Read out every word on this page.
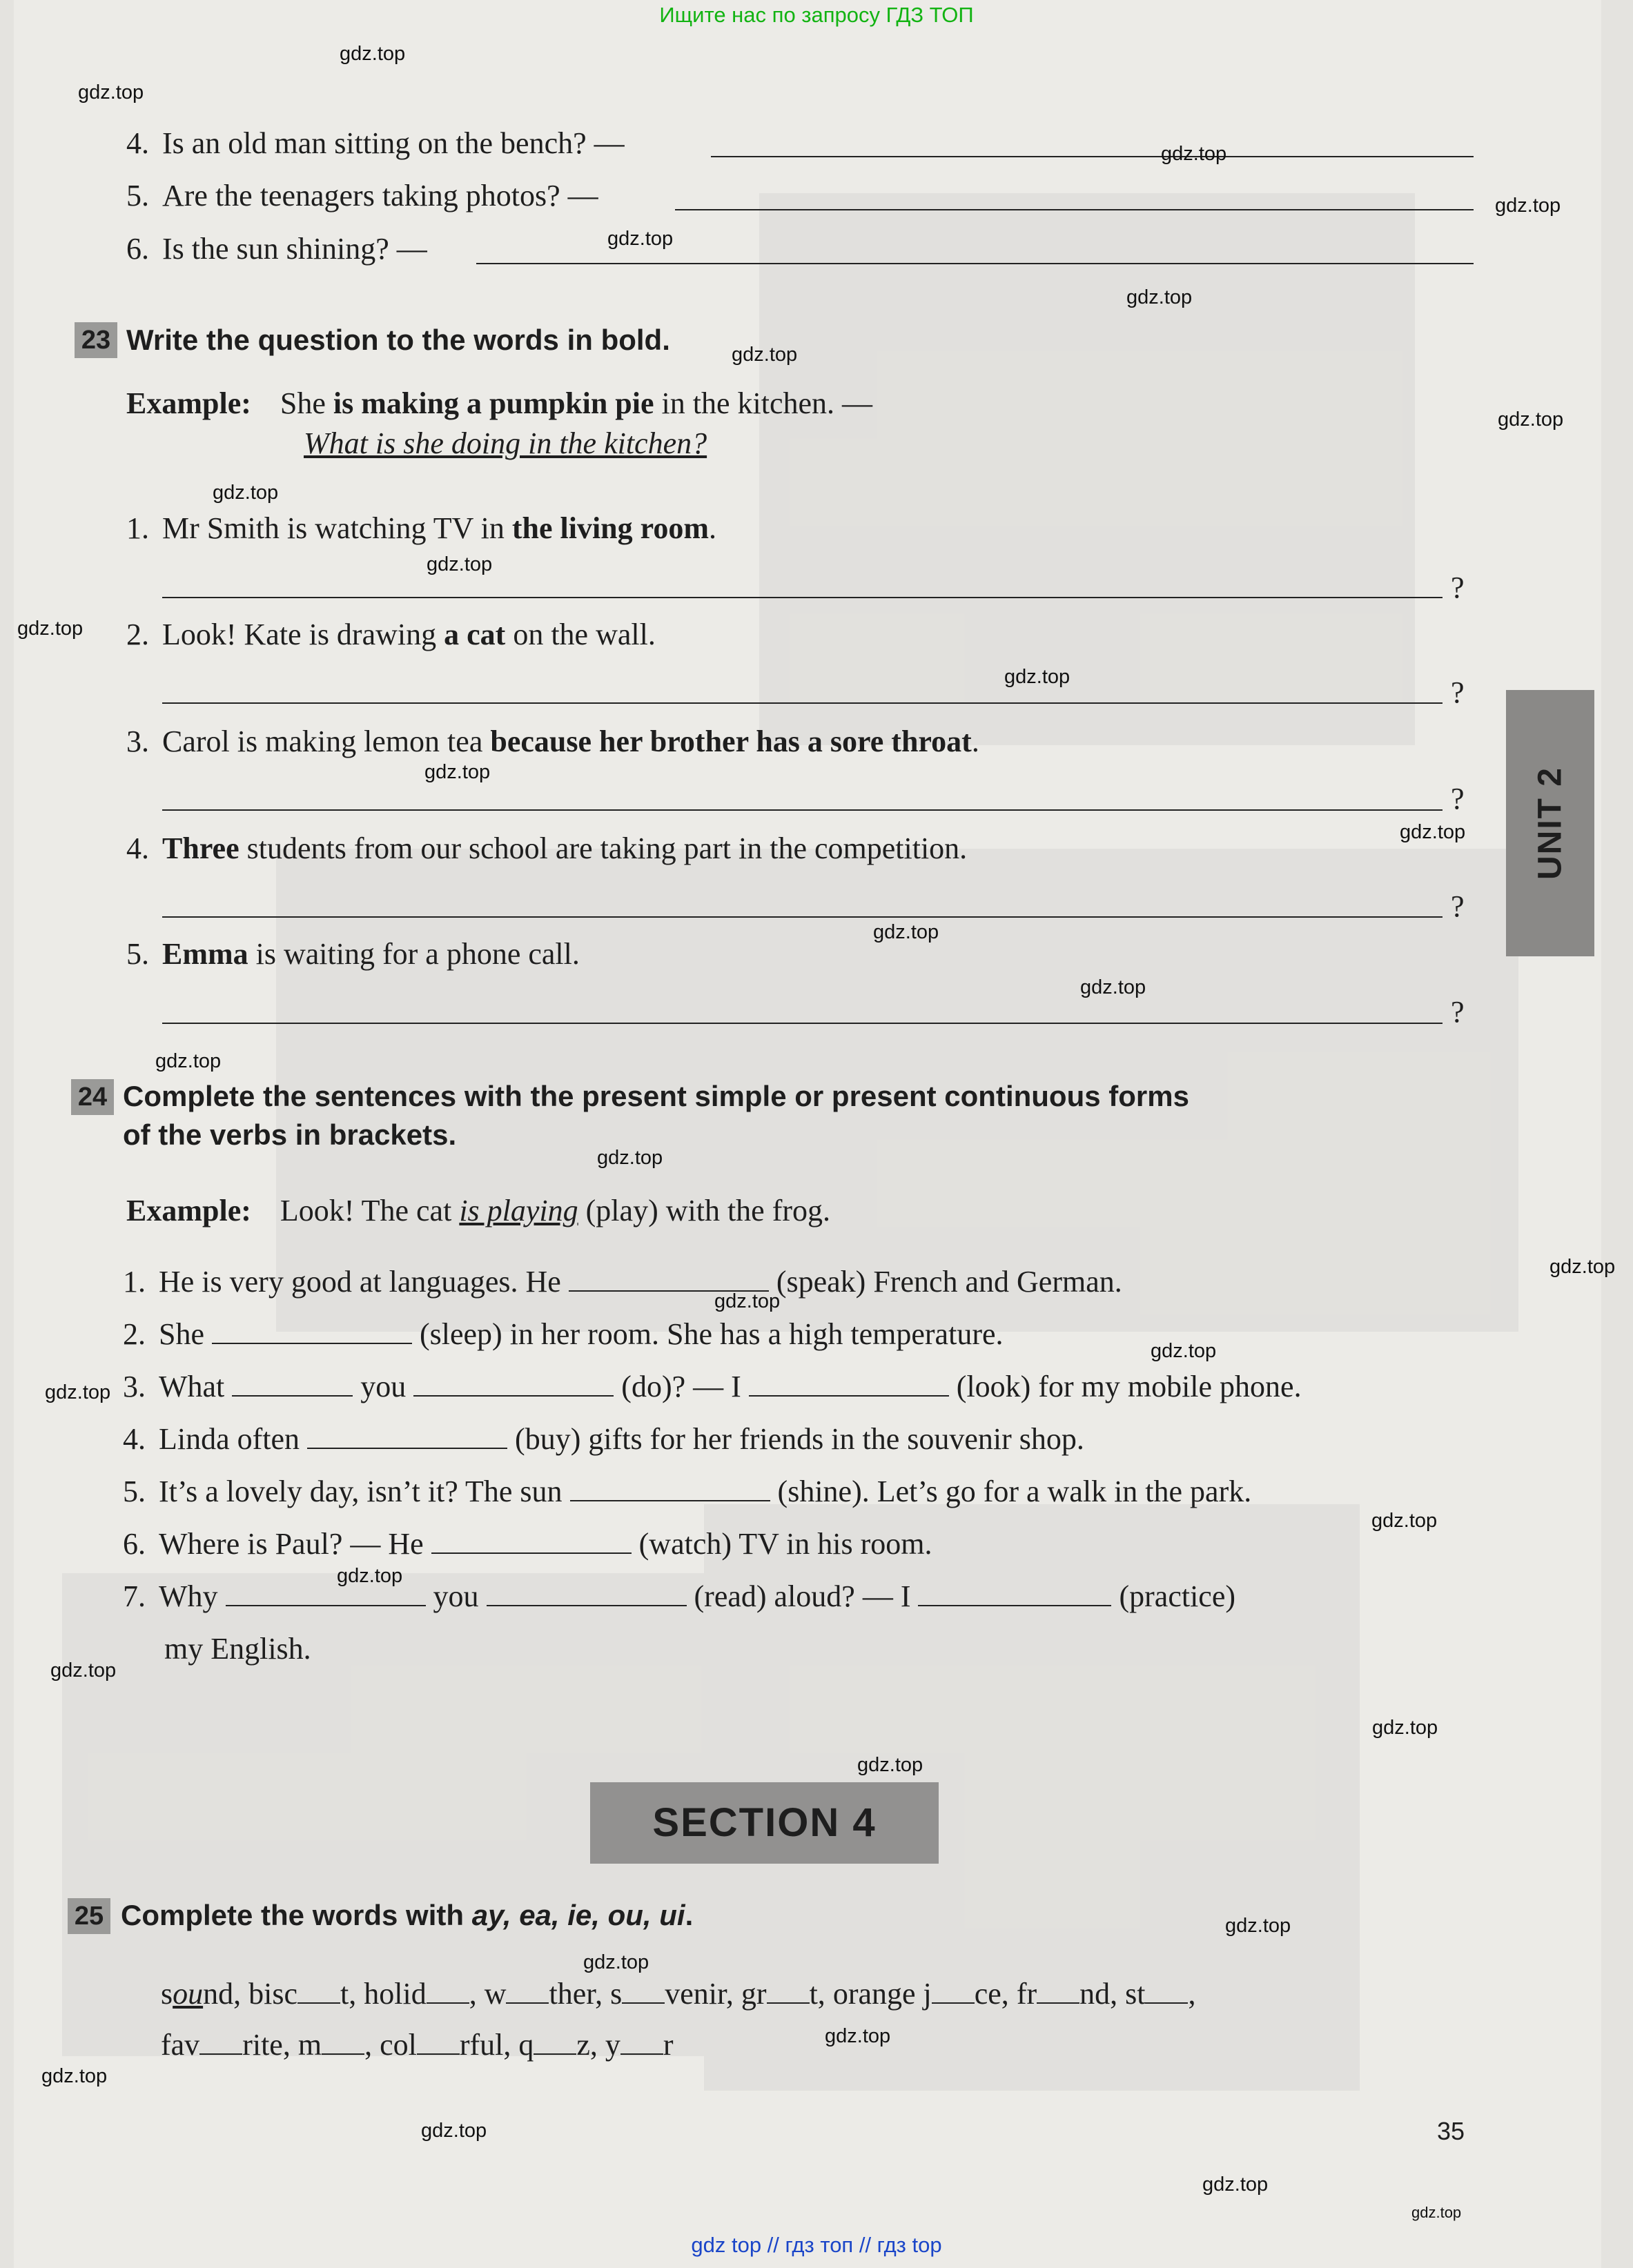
Ищите нас по запросу ГДЗ ТОП
4. Is an old man sitting on the bench? —
5. Are the teenagers taking photos? —
6. Is the sun shining? —
23 Write the question to the words in bold.
Example: She is making a pumpkin pie in the kitchen. —
What is she doing in the kitchen?
1. Mr Smith is watching TV in the living room.
?
2. Look! Kate is drawing a cat on the wall.
?
3. Carol is making lemon tea because her brother has a sore throat.
?
4. Three students from our school are taking part in the competition.
?
5. Emma is waiting for a phone call.
?
24 Complete the sentences with the present simple or present continuous forms
of the verbs in brackets.
Example: Look! The cat is playing (play) with the frog.
1. He is very good at languages. He	(speak) French and German.
2. She	(sleep) in her room. She has a high temperature.
3. What	you	(do)? — I	(look) for my mobile phone.
4. Linda often	(buy) gifts for her friends in the souvenir shop.
5. It’s a lovely day, isn’t it? The sun	(shine). Let’s go for a walk in the park.
6. Where is Paul? — He	(watch) TV in his room.
7. Why	you	(read) aloud? — I	(practice)
my English.
SECTION 4
25 Complete the words with ay, ea, ie, ou, ui.
sound, bisc t, holid , w ther, s venir, gr t, orange j ce, fr nd, st ,
fav rite, m , col rful, q z, y r
UNIT 2
35
gdz.top
gdz.top
gdz.top
gdz.top
gdz.top
gdz.top
gdz.top
gdz.top
gdz.top
gdz.top
gdz.top
gdz.top
gdz.top
gdz.top
gdz.top
gdz.top
gdz.top
gdz.top
gdz.top
gdz.top
gdz.top
gdz.top
gdz.top
gdz.top
gdz.top
gdz.top
gdz.top
gdz.top
gdz.top
gdz.top
gdz.top
gdz.top
gdz.top
gdz.top
gdz top // гдз топ // гдз top
